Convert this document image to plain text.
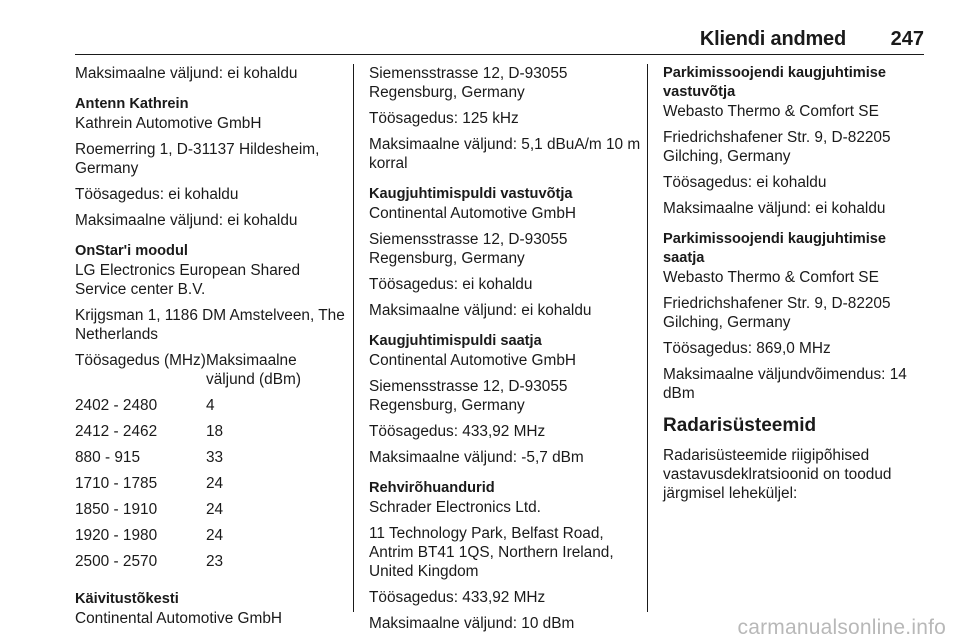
Kliendi andmed 247

Maksimaalne väljund: ei kohaldu

Antenn Kathrein

Kathrein Automotive GmbH

Roemerring 1, D-31137 Hildesheim, Germany

Töösagedus: ei kohaldu

Maksimaalne väljund: ei kohaldu

OnStar'i moodul

LG Electronics European Shared Service center B.V.

Krijgsman 1, 1186 DM Amstelveen, The Netherlands

Töösagedus (MHz)	Maksimaalne väljund (dBm)
2402 - 2480	4
2412 - 2462	18
880 - 915	33
1710 - 1785	24
1850 - 1910	24
1920 - 1980	24
2500 - 2570	23

Käivitustõkesti

Continental Automotive GmbH

Siemensstrasse 12, D-93055 Regensburg, Germany

Töösagedus: 125 kHz

Maksimaalne väljund: 5,1 dBuA/m 10 m korral

Kaugjuhtimispuldi vastuvõtja

Continental Automotive GmbH

Siemensstrasse 12, D-93055 Regensburg, Germany

Töösagedus: ei kohaldu

Maksimaalne väljund: ei kohaldu

Kaugjuhtimispuldi saatja

Continental Automotive GmbH

Siemensstrasse 12, D-93055 Regensburg, Germany

Töösagedus: 433,92 MHz

Maksimaalne väljund: -5,7 dBm

Rehvirõhuandurid

Schrader Electronics Ltd.

11 Technology Park, Belfast Road, Antrim BT41 1QS, Northern Ireland, United Kingdom

Töösagedus: 433,92 MHz

Maksimaalne väljund: 10 dBm

Parkimissoojendi kaugjuhtimise vastuvõtja

Webasto Thermo & Comfort SE

Friedrichshafener Str. 9, D-82205 Gilching, Germany

Töösagedus: ei kohaldu

Maksimaalne väljund: ei kohaldu

Parkimissoojendi kaugjuhtimise saatja

Webasto Thermo & Comfort SE

Friedrichshafener Str. 9, D-82205 Gilching, Germany

Töösagedus: 869,0 MHz

Maksimaalne väljundvõimendus: 14 dBm

Radarisüsteemid

Radarisüsteemide riigipõhised vastavusdeklratsioonid on toodud järgmisel leheküljel:

carmanualsonline.info
